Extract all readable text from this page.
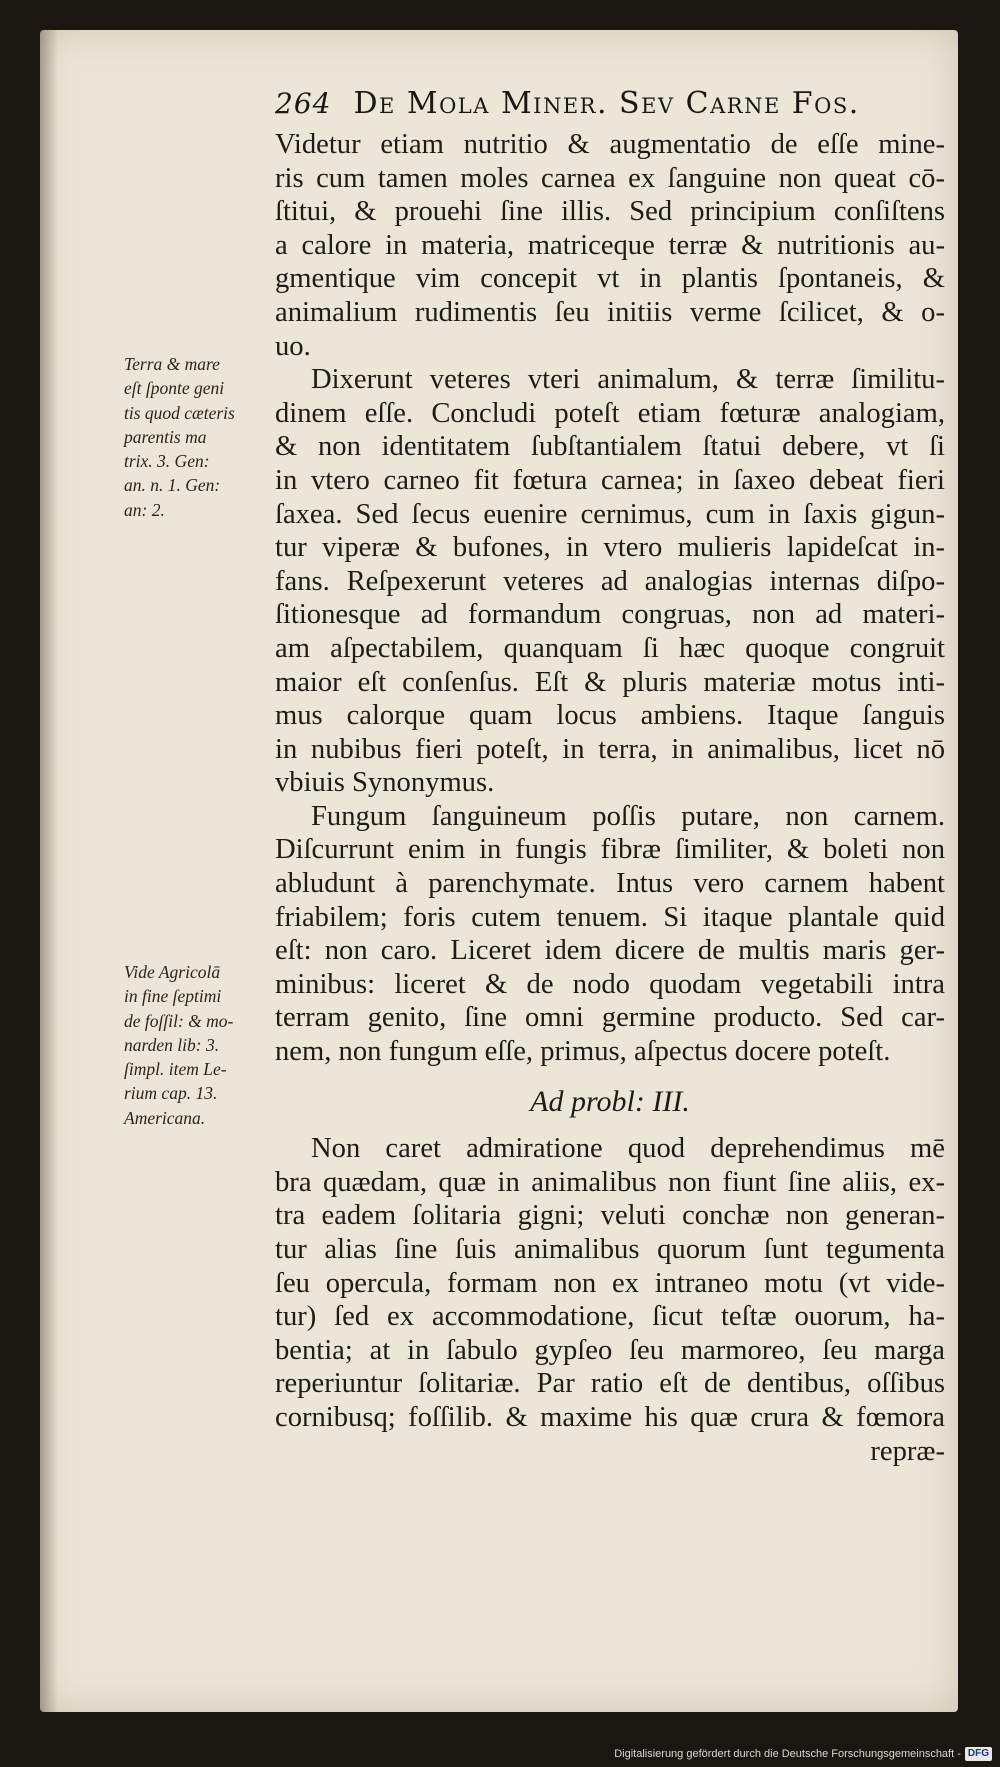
264 De Mola Miner. Sev Carne Fos.
Videtur etiam nutritio & augmentatio de eſſe mine-
ris cum tamen moles carnea ex ſanguine non queat cō-
ſtitui, & prouehi ſine illis. Sed principium conſiſtens
a calore in materia, matriceque terræ & nutritionis au-
gmentique vim concepit vt in plantis ſpontaneis, &
animalium rudimentis ſeu initiis verme ſcilicet, & o-
uo.
Dixerunt veteres vteri animalum, & terræ ſimilitu-
dinem eſſe. Concludi poteſt etiam fœturæ analogiam,
& non identitatem ſubſtantialem ſtatui debere, vt ſi
in vtero carneo fit fœtura carnea; in ſaxeo debeat fieri
ſaxea. Sed ſecus euenire cernimus, cum in ſaxis gigun-
tur viperæ & bufones, in vtero mulieris lapideſcat in-
fans. Reſpexerunt veteres ad analogias internas diſpo-
ſitionesque ad formandum congruas, non ad materi-
am aſpectabilem, quanquam ſi hæc quoque congruit
maior eſt conſenſus. Eſt & pluris materiæ motus inti-
mus calorque quam locus ambiens. Itaque ſanguis
in nubibus fieri poteſt, in terra, in animalibus, licet nō
vbiuis Synonymus.
Fungum ſanguineum poſſis putare, non carnem.
Diſcurrunt enim in fungis fibræ ſimiliter, & boleti non
abludunt à parenchymate. Intus vero carnem habent
friabilem; foris cutem tenuem. Si itaque plantale quid
eſt: non caro. Liceret idem dicere de multis maris ger-
minibus: liceret & de nodo quodam vegetabili intra
terram genito, ſine omni germine producto. Sed car-
nem, non fungum eſſe, primus, aſpectus docere poteſt.
Ad probl: III.
Non caret admiratione quod deprehendimus mē
bra quædam, quæ in animalibus non fiunt ſine aliis, ex-
tra eadem ſolitaria gigni; veluti conchæ non generan-
tur alias ſine ſuis animalibus quorum ſunt tegumenta
ſeu opercula, formam non ex intraneo motu (vt vide-
tur) ſed ex accommodatione, ſicut teſtæ ouorum, ha-
bentia; at in ſabulo gypſeo ſeu marmoreo, ſeu marga
reperiuntur ſolitariæ. Par ratio eſt de dentibus, oſſibus
cornibusq; foſſilib. & maxime his quæ crura & fœmora
repræ-
Terra & mare
eſt ſponte geni
tis quod cæteris
parentis ma
trix. 3. Gen:
an. n. 1. Gen:
an: 2.
Vide Agricolā
in fine ſeptimi
de foſſil: & mo-
narden lib: 3.
ſimpl. item Le-
rium cap. 13.
Americana.
Digitalisierung gefördert durch die Deutsche Forschungsgemeinschaft - DFG
